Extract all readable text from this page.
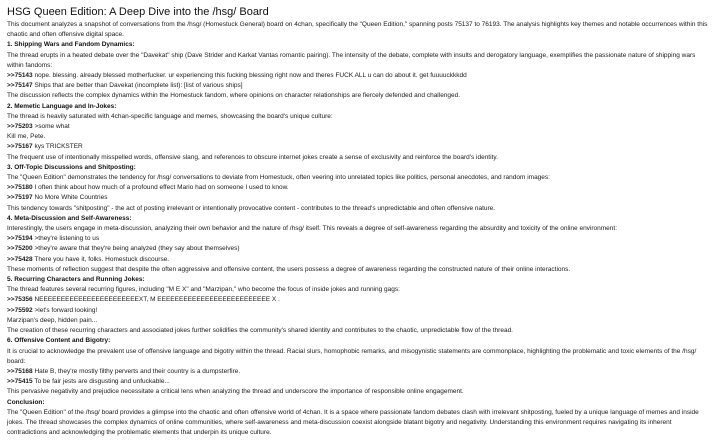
HSG Queen Edition: A Deep Dive into the /hsg/ Board

This document analyzes a snapshot of conversations from the /hsg/ (Homestuck General) board on 4chan, specifically the "Queen Edition," spanning posts 75137 to 76193. The analysis highlights key themes and notable occurrences within this chaotic and often offensive digital space.

1. Shipping Wars and Fandom Dynamics:

The thread erupts in a heated debate over the "Davekat" ship (Dave Strider and Karkat Vantas romantic pairing). The intensity of the debate, complete with insults and derogatory language, exemplifies the passionate nature of shipping wars within fandoms:

>>75143 nope. blessing. already blessed motherfucker. ur experiencing this fucking blessing right now and theres FUCK ALL u can do about it. get fuuuuckkkdd

>>75147 Ships that are better than Davekat (incomplete list): [list of various ships]

The discussion reflects the complex dynamics within the Homestuck fandom, where opinions on character relationships are fiercely defended and challenged.

2. Memetic Language and In-Jokes:

The thread is heavily saturated with 4chan-specific language and memes, showcasing the board's unique culture:

>>75203 >some what

Kill me, Pete.

>>75167 kys TRICKSTER

The frequent use of intentionally misspelled words, offensive slang, and references to obscure internet jokes create a sense of exclusivity and reinforce the board's identity.

3. Off-Topic Discussions and Shitposting:

The "Queen Edition" demonstrates the tendency for /hsg/ conversations to deviate from Homestuck, often veering into unrelated topics like politics, personal anecdotes, and random images:

>>75180 I often think about how much of a profound effect Mario had on someone I used to know.

>>75197 No More White Countries

This tendency towards "shitposting" - the act of posting irrelevant or intentionally provocative content - contributes to the thread's unpredictable and often offensive nature.

4. Meta-Discussion and Self-Awareness:

Interestingly, the users engage in meta-discussion, analyzing their own behavior and the nature of /hsg/ itself. This reveals a degree of self-awareness regarding the absurdity and toxicity of the online environment:

>>75194 >they're listening to us

>>75200 >they're aware that they're being analyzed (they say about themselves)

>>75428 There you have it, folks. Homestuck discourse.

These moments of reflection suggest that despite the often aggressive and offensive content, the users possess a degree of awareness regarding the constructed nature of their online interactions.

5. Recurring Characters and Running Jokes:

The thread features several recurring figures, including "M E X" and "Marzipan," who become the focus of inside jokes and running gags:

>>75356 NEEEEEEEEEEEEEEEEEEEEEEEXT, M EEEEEEEEEEEEEEEEEEEEEEEEEE X .

>>75592 >let's forward looking!

Marzipan's deep, hidden pain...

The creation of these recurring characters and associated jokes further solidifies the community's shared identity and contributes to the chaotic, unpredictable flow of the thread.

6. Offensive Content and Bigotry:

It is crucial to acknowledge the prevalent use of offensive language and bigotry within the thread. Racial slurs, homophobic remarks, and misogynistic statements are commonplace, highlighting the problematic and toxic elements of the /hsg/ board:

>>75168 Hate B, they're mostly filthy perverts and their country is a dumpsterfire.

>>75415 To be fair jests are disgusting and unfuckable...

This pervasive negativity and prejudice necessitate a critical lens when analyzing the thread and underscore the importance of responsible online engagement.

Conclusion:

The "Queen Edition" of the /hsg/ board provides a glimpse into the chaotic and often offensive world of 4chan. It is a space where passionate fandom debates clash with irrelevant shitposting, fueled by a unique language of memes and inside jokes. The thread showcases the complex dynamics of online communities, where self-awareness and meta-discussion coexist alongside blatant bigotry and negativity. Understanding this environment requires navigating its inherent contradictions and acknowledging the problematic elements that underpin its unique culture.
